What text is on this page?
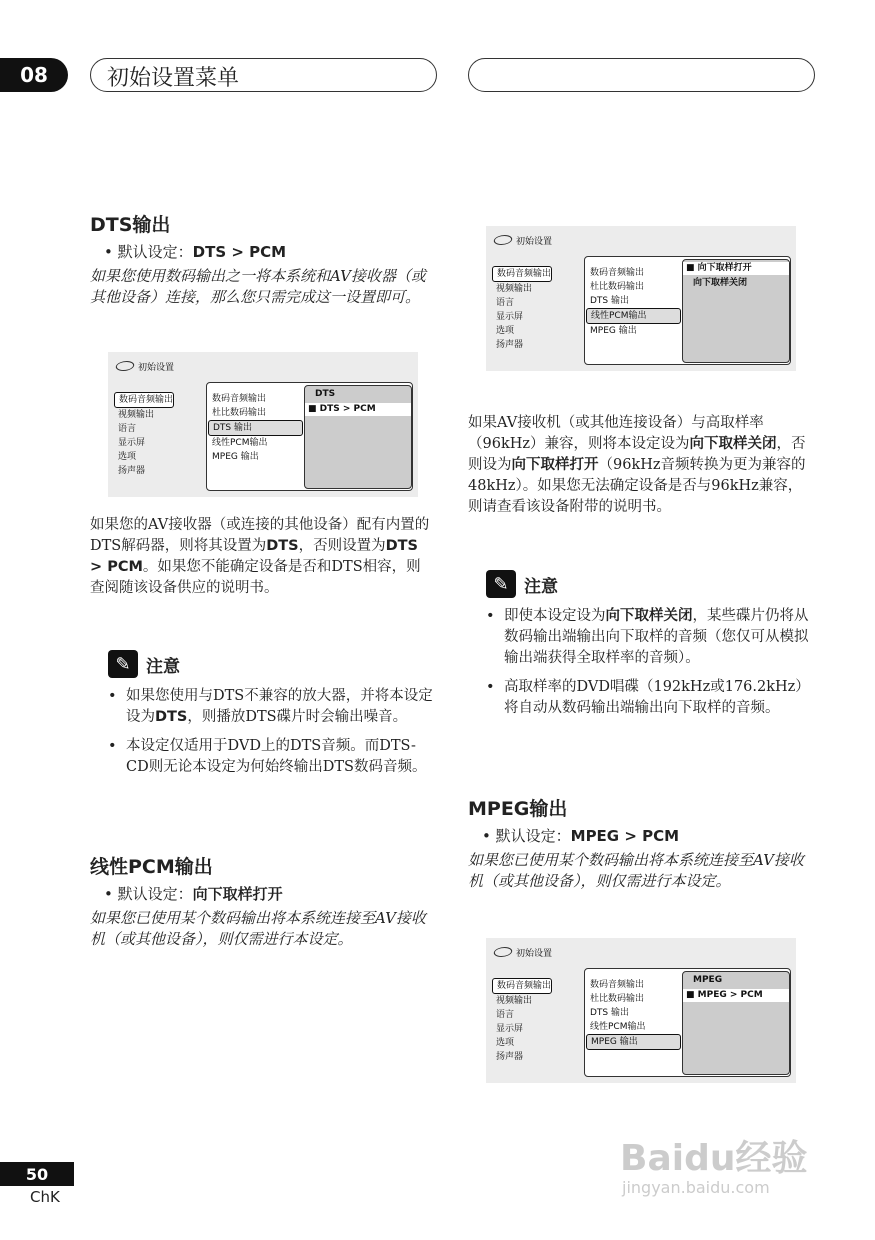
08	初始设置菜单
DTS输出
• 默认设定：DTS > PCM

如果您使用数码输出之一将本系统和AV接收器（或其他设备）连接，那么您只需完成这一设置即可。

初始设置
数码音频输出
视频输出
语言
显示屏
选项
扬声器
数码音频输出
杜比数码输出
DTS 输出
线性PCM输出
MPEG 输出
DTS
■ DTS > PCM

如果您的AV接收器（或连接的其他设备）配有内置的DTS解码器，则将其设置为DTS，否则设置为DTS > PCM。如果您不能确定设备是否和DTS相容，则查阅随该设备供应的说明书。

✎ 注意
• 如果您使用与DTS不兼容的放大器，并将本设定设为DTS，则播放DTS碟片时会输出噪音。
• 本设定仅适用于DVD上的DTS音频。而DTS-CD则无论本设定为何始终输出DTS数码音频。
线性PCM输出
• 默认设定：向下取样打开

如果您已使用某个数码输出将本系统连接至AV接收机（或其他设备），则仅需进行本设定。

初始设置
数码音频输出
视频输出
语言
显示屏
选项
扬声器
数码音频输出
杜比数码输出
DTS 输出
线性PCM输出
MPEG 输出
■ 向下取样打开
向下取样关闭

如果AV接收机（或其他连接设备）与高取样率（96kHz）兼容，则将本设定设为向下取样关闭，否则设为向下取样打开（96kHz音频转换为更为兼容的48kHz）。如果您无法确定设备是否与96kHz兼容，则请查看该设备附带的说明书。

✎ 注意
• 即使本设定设为向下取样关闭，某些碟片仍将从数码输出端输出向下取样的音频（您仅可从模拟输出端获得全取样率的音频）。
• 高取样率的DVD唱碟（192kHz或176.2kHz）将自动从数码输出端输出向下取样的音频。
MPEG输出
• 默认设定：MPEG > PCM

如果您已使用某个数码输出将本系统连接至AV接收机（或其他设备），则仅需进行本设定。

初始设置
数码音频输出
视频输出
语言
显示屏
选项
扬声器
数码音频输出
杜比数码输出
DTS 输出
线性PCM输出
MPEG 输出
MPEG
■ MPEG > PCM
50
ChK
Baidu经验
jingyan.baidu.com
